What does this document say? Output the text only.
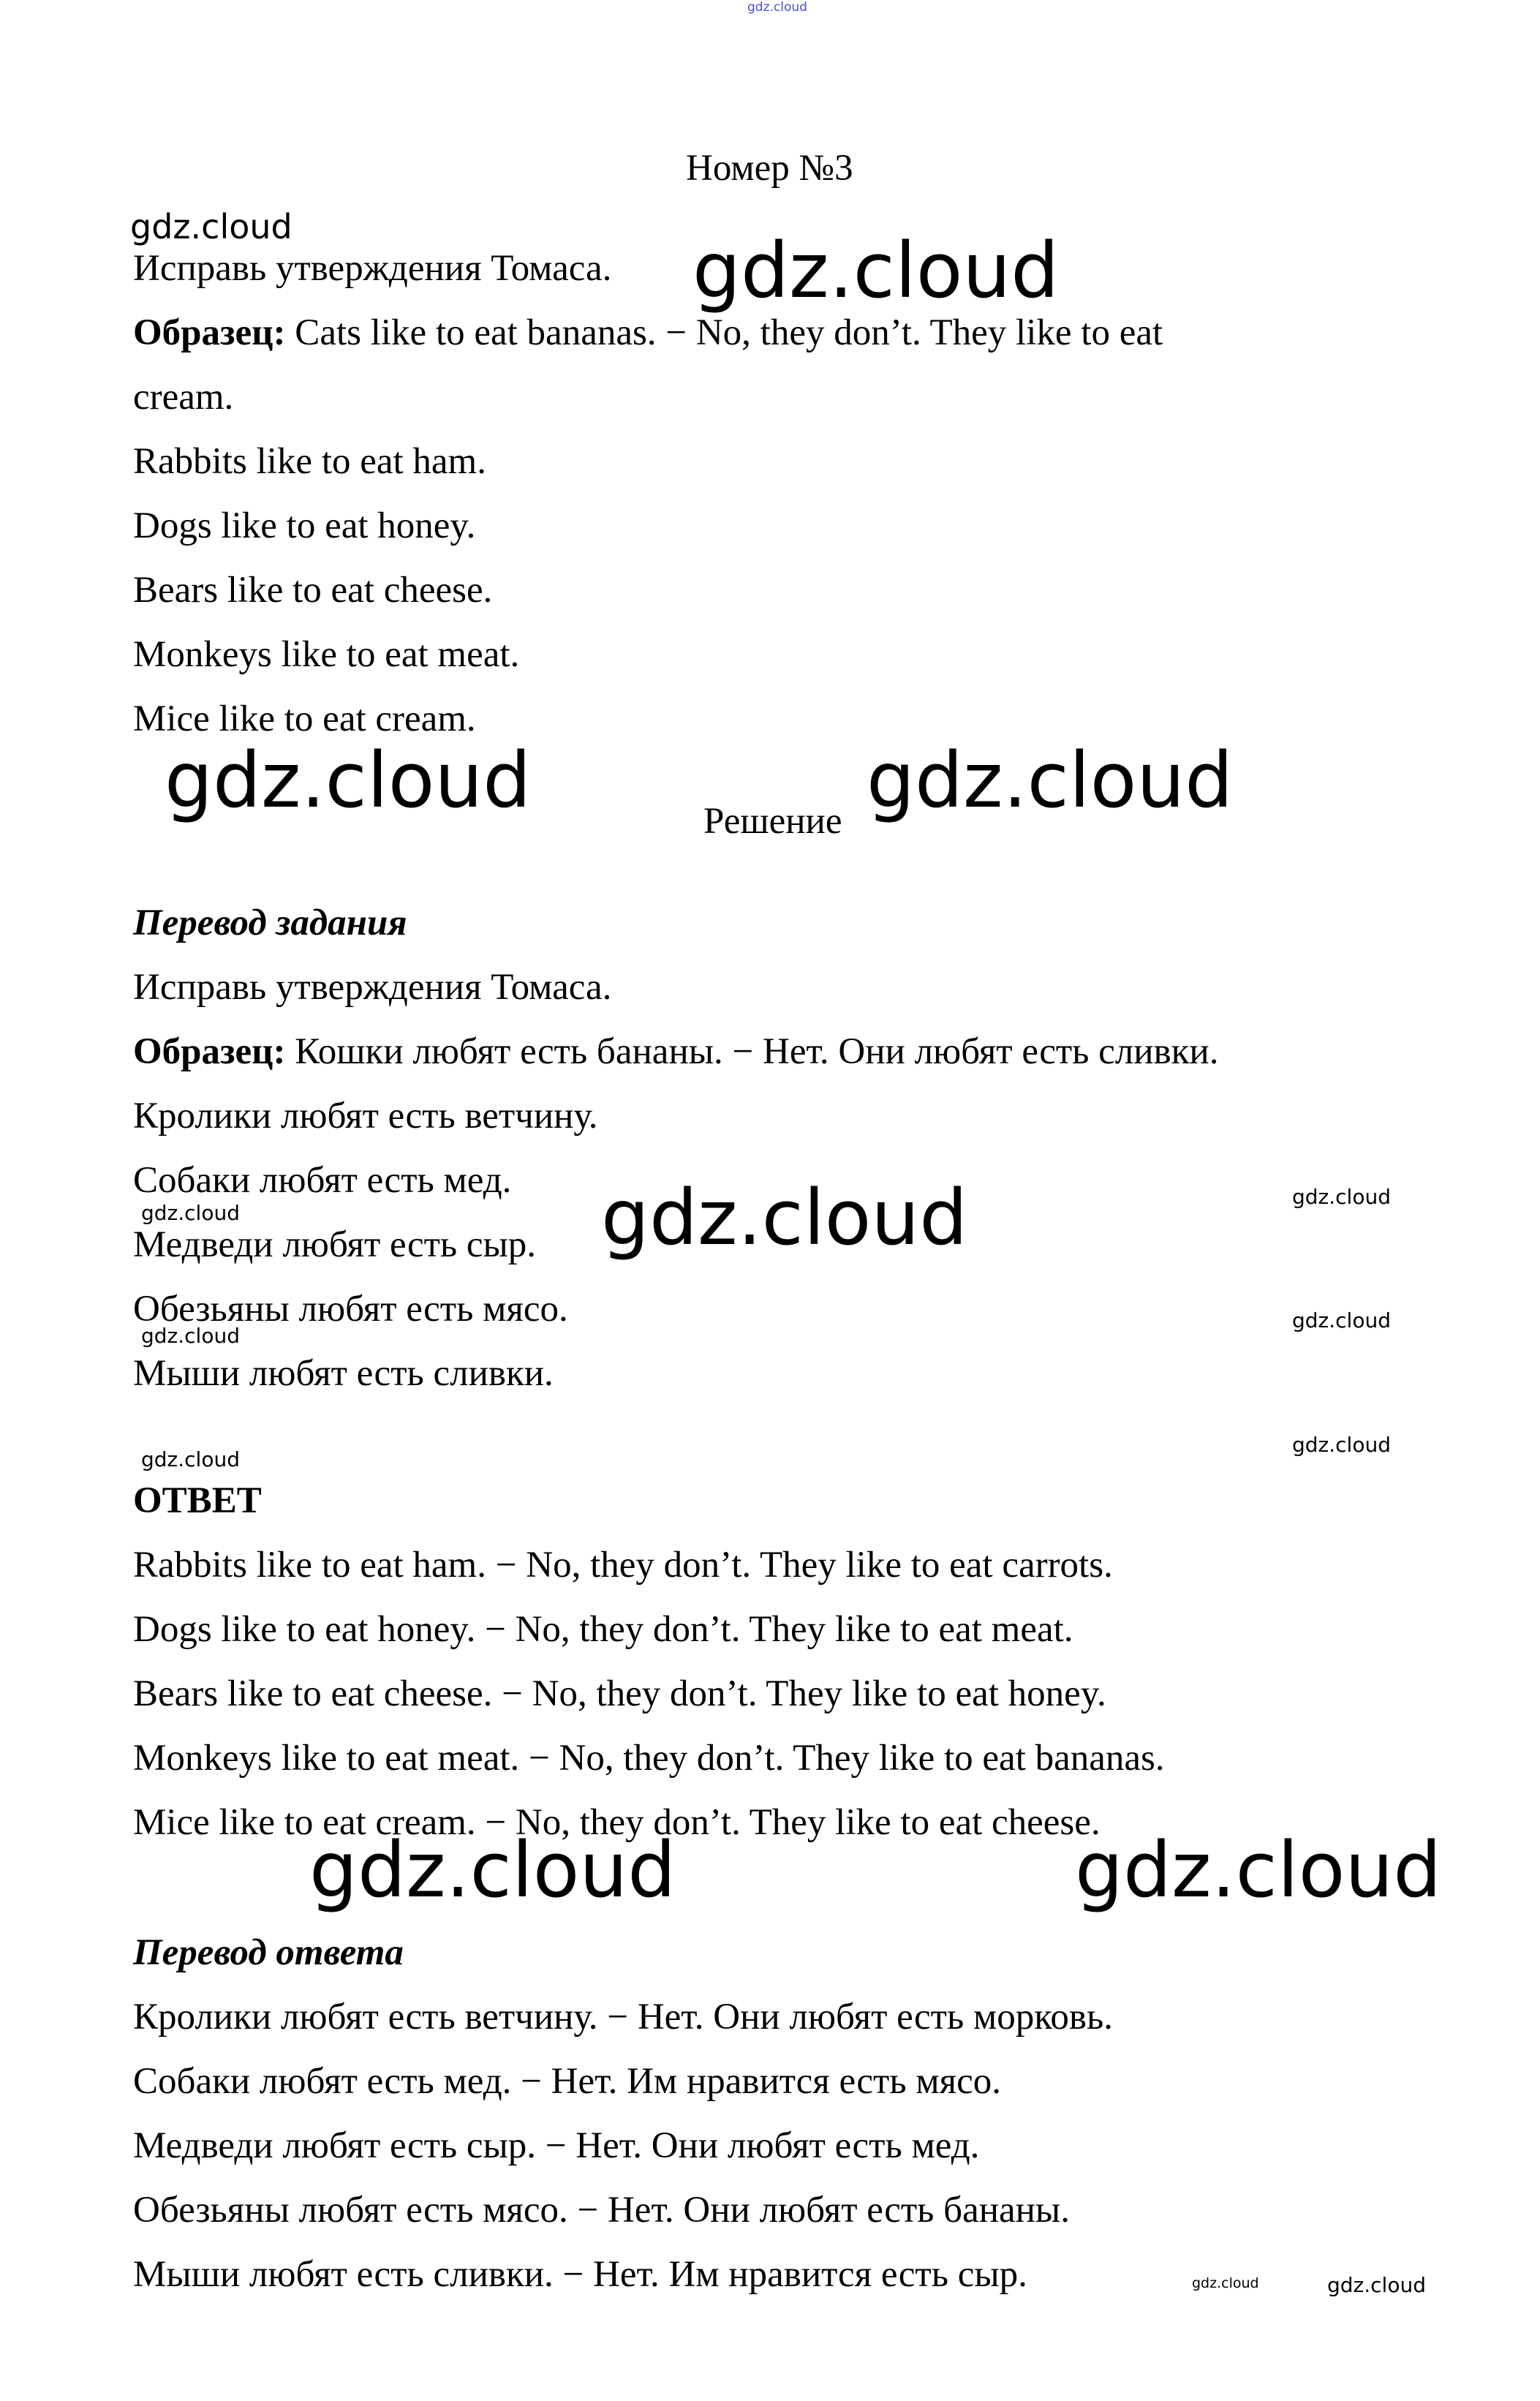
gdz.cloud
Номер №3
gdz.cloud
Исправь утверждения Томаса. gdz.cloud
Образец: Cats like to eat bananas. − No, they don’t. They like to eat
cream.
Rabbits like to eat ham.
Dogs like to eat honey.
Bears like to eat cheese.
Monkeys like to eat meat.
Mice like to eat cream.
gdz.cloud	Решение gdz.cloud
Перевод задания
Исправь утверждения Томаса.
Образец: Кошки любят есть бананы. − Нет. Они любят есть сливки.
Кролики любят есть ветчину.
Собаки любят есть мед.	gdz.cloud
gdz.cloud
Медведи любят есть сыр. gdz.cloud
Обезьяны любят есть мясо.	gdz.cloud
gdz.cloud
Мыши любят есть сливки.
gdz.cloud
gdz.cloud
ОТВЕТ
Rabbits like to eat ham. − No, they don’t. They like to eat carrots.
Dogs like to eat honey. − No, they don’t. They like to eat meat.
Bears like to eat cheese. − No, they don’t. They like to eat honey.
Monkeys like to eat meat. − No, they don’t. They like to eat bananas.
Mice like to eat cream. − No, they don’t. They like to eat cheese.
gdz.cloud	gdz.cloud
Перевод ответа
Кролики любят есть ветчину. − Нет. Они любят есть морковь.
Собаки любят есть мед. − Нет. Им нравится есть мясо.
Медведи любят есть сыр. − Нет. Они любят есть мед.
Обезьяны любят есть мясо. − Нет. Они любят есть бананы.
Мыши любят есть сливки. − Нет. Им нравится есть сыр.	gdz.cloud	gdz.cloud
